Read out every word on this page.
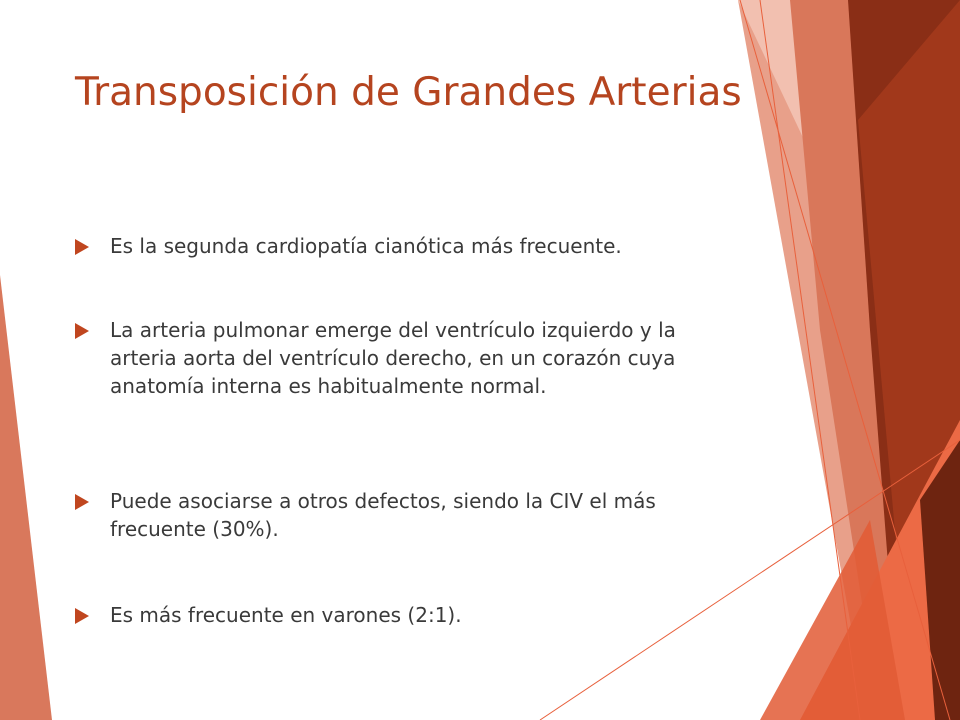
Transposición de Grandes Arterias
Es la segunda cardiopatía cianótica más frecuente.
La arteria pulmonar emerge del ventrículo izquierdo y la arteria aorta del ventrículo derecho, en un corazón cuya anatomía interna es habitualmente normal.
Puede asociarse a otros defectos, siendo la CIV el más frecuente (30%).
Es más frecuente en varones (2:1).
